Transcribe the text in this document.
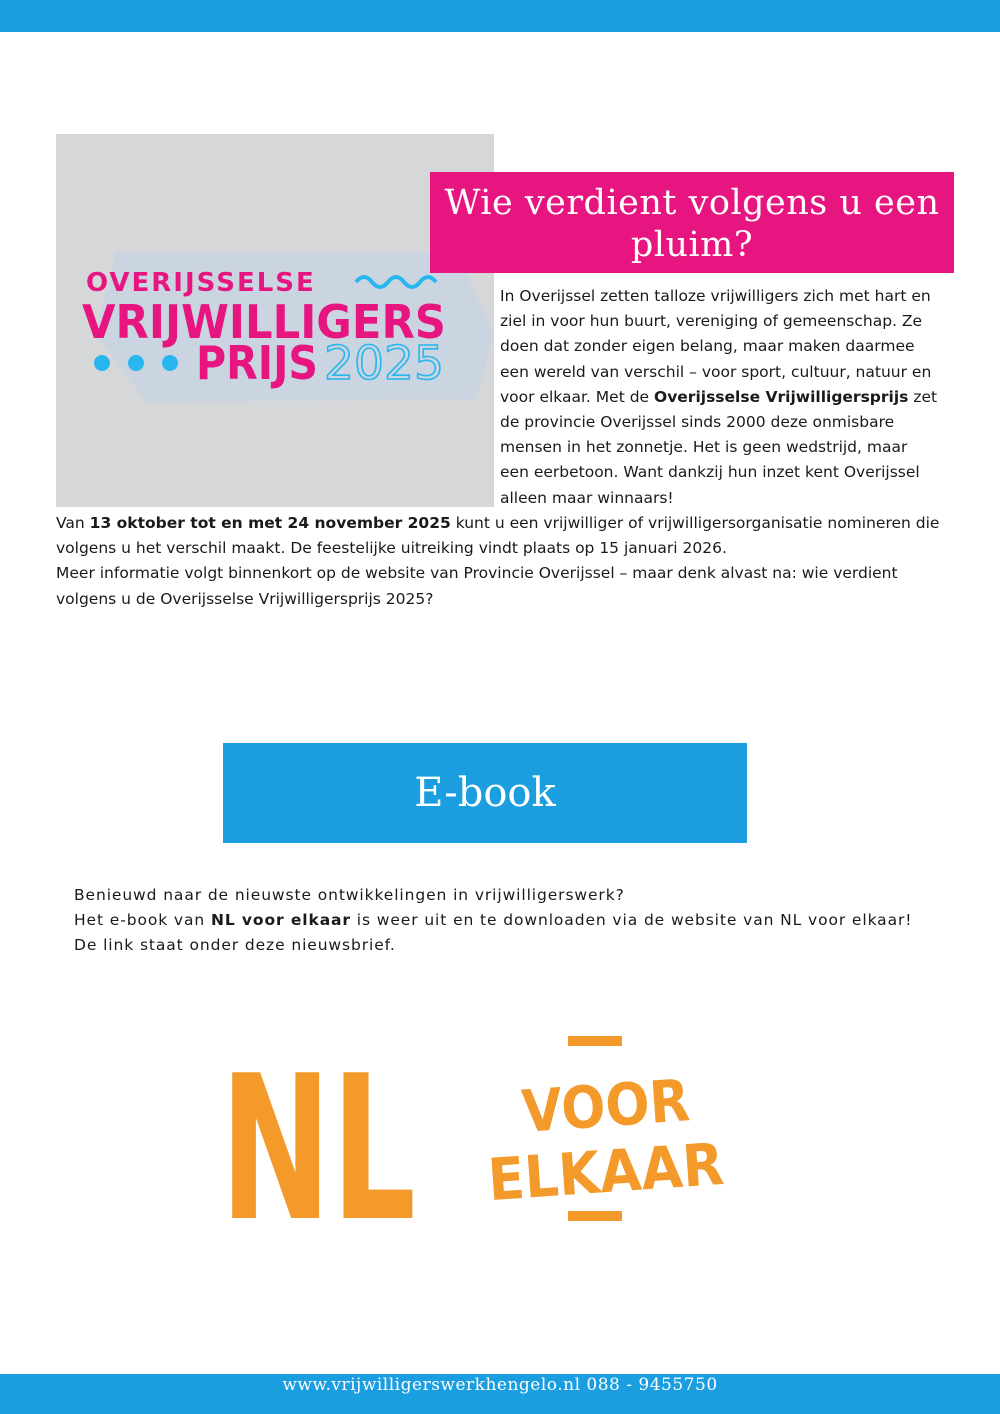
OVERIJSSELSE
VRIJWILLIGERS
PRIJS 2025
Wie verdient volgens u een pluim?
In Overijssel zetten talloze vrijwilligers zich met hart en ziel in voor hun buurt, vereniging of gemeenschap. Ze doen dat zonder eigen belang, maar maken daarmee een wereld van verschil – voor sport, cultuur, natuur en voor elkaar. Met de Overijsselse Vrijwilligersprijs zet de provincie Overijssel sinds 2000 deze onmisbare mensen in het zonnetje. Het is geen wedstrijd, maar een eerbetoon. Want dankzij hun inzet kent Overijssel alleen maar winnaars!

Van 13 oktober tot en met 24 november 2025 kunt u een vrijwilliger of vrijwilligersorganisatie nomineren die volgens u het verschil maakt. De feestelijke uitreiking vindt plaats op 15 januari 2026.

Meer informatie volgt binnenkort op de website van Provincie Overijssel – maar denk alvast na: wie verdient volgens u de Overijsselse Vrijwilligersprijs 2025?

E-book

Benieuwd naar de nieuwste ontwikkelingen in vrijwilligerswerk?

Het e-book van NL voor elkaar is weer uit en te downloaden via de website van NL voor elkaar!

De link staat onder deze nieuwsbrief.

NL VOOR
ELKAAR
www.vrijwilligerswerkhengelo.nl 088 - 9455750
